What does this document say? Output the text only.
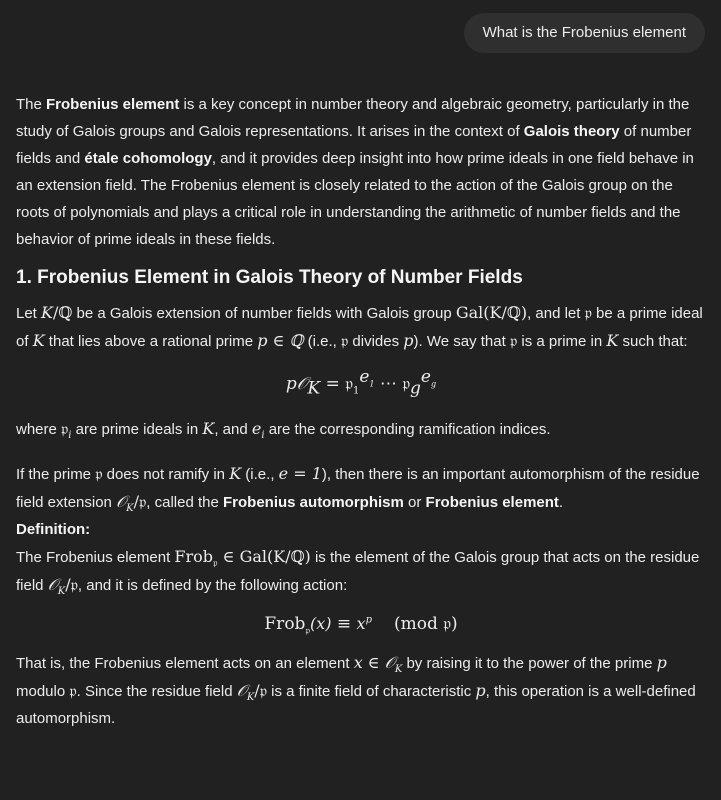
What is the Frobenius element

The Frobenius element is a key concept in number theory and algebraic geometry, particularly in the study of Galois groups and Galois representations. It arises in the context of Galois theory of number fields and étale cohomology, and it provides deep insight into how prime ideals in one field behave in an extension field. The Frobenius element is closely related to the action of the Galois group on the roots of polynomials and plays a critical role in understanding the arithmetic of number fields and the behavior of prime ideals in these fields.

1. Frobenius Element in Galois Theory of Number Fields

Let K/ℚ be a Galois extension of number fields with Galois group Gal(K/ℚ), and let 𝔭 be a prime ideal of K that lies above a rational prime p ∈ ℚ (i.e., 𝔭 divides p). We say that 𝔭 is a prime in K such that:

p𝒪$_K$ = 𝔭$_1^{e_1}$ ⋯ 𝔭$_g^{e_g}$

where 𝔭$_i$ are prime ideals in K, and $e_i$ are the corresponding ramification indices.

If the prime 𝔭 does not ramify in K (i.e., e = 1), then there is an important automorphism of the residue field extension 𝒪$_K$/𝔭, called the Frobenius automorphism or Frobenius element.

Definition:

The Frobenius element Frob$_𝔭$ ∈ Gal(K/ℚ) is the element of the Galois group that acts on the residue field 𝒪$_K$/𝔭, and it is defined by the following action:

Frob$_𝔭$(x) ≡ $x^p$ (mod 𝔭)

That is, the Frobenius element acts on an element x ∈ 𝒪$_K$ by raising it to the power of the prime p modulo 𝔭. Since the residue field 𝒪$_K$/𝔭 is a finite field of characteristic p, this operation is a well-defined automorphism.
